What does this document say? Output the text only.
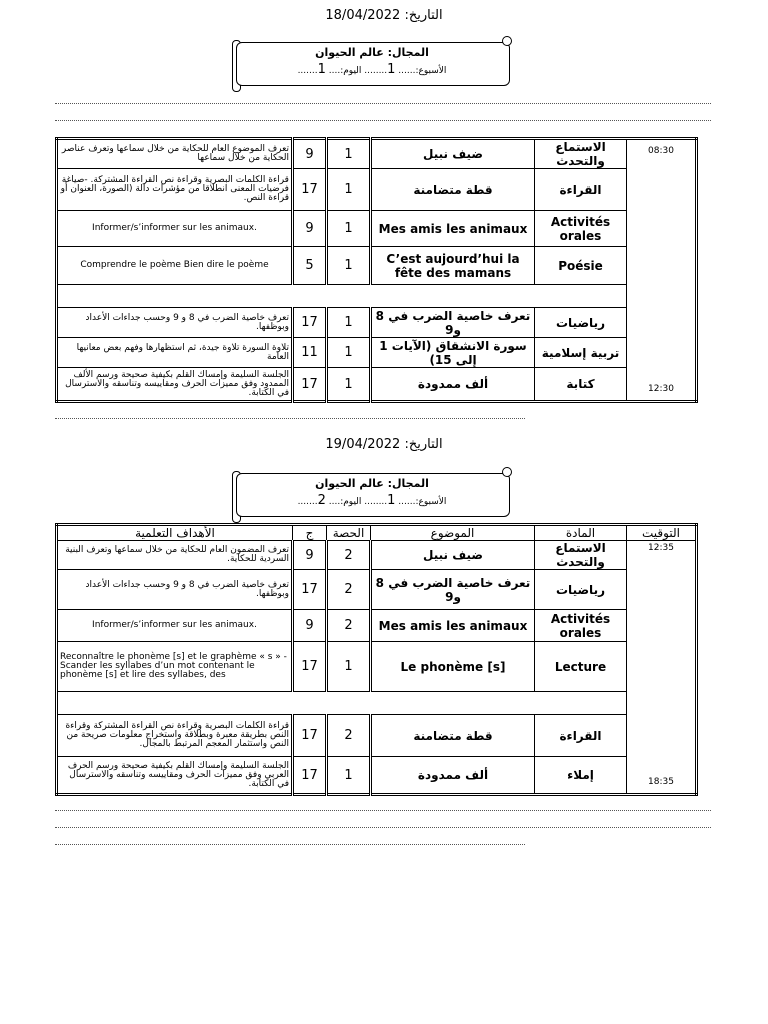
التاريخ: 18/04/2022
المجال: عالم الحيوان
الأسبوع:...... 1........ اليوم:.... 1.......
تعرف الموضوع العام للحكاية من خلال سماعها وتعرف عناصر الحكاية من خلال سماعها	9	1	ضيف نبيل	الاستماع والتحدث	08:30
12:30

قراءة الكلمات البصرية وقراءة نص القراءة المشتركة. -صياغة فرضيات المعنى انطلاقا من مؤشرات دالة (الصورة، العنوان أو قراءة النص.	17	1	قطة متضامنة	القراءة	
Informer/s’informer sur les animaux.	9	1	Mes amis les animaux	Activités orales	
Comprendre le poème Bien dire le poème	5	1	C’est aujourd’hui la fête des mamans	Poésie	

تعرف خاصية الضرب في 8 و 9 وحسب جداءات الأعداد وبوظفها.	17	1	تعرف خاصية الضرب في 8 و9	رياضيات	
تلاوة السورة تلاوة جيدة، ثم استظهارها وفهم بعض معانيها العامة	11	1	سورة الانشقاق (الآيات 1 إلى 15)	تربية إسلامية	
الجلسة السليمة وإمساك القلم بكيفية صحيحة ورسم الألف الممدود وفق مميزات الحرف ومقاييسه وتناسقه والاسترسال في الكتابة.	17	1	ألف ممدودة	كتابة	
التاريخ: 19/04/2022
المجال: عالم الحيوان
الأسبوع:...... 1........ اليوم:.... 2.......
الأهداف التعلمية	ج	الحصة	الموضوع	المادة	التوقيت
تعرف المضمون العام للحكاية من خلال سماعها وتعرف البنية السردية للحكاية.	9	2	ضيف نبيل	الاستماع والتحدث	12:35
18:35

تعرف خاصية الضرب في 8 و 9 وحسب جداءات الأعداد وبوظفها.	17	2	تعرف خاصية الضرب في 8 و9	رياضيات	
Informer/s’informer sur les animaux.	9	2	Mes amis les animaux	Activités orales	
Reconnaître le phonème [s] et le graphème « s » - Scander les syllabes d’un mot contenant le phonème [s] et lire des syllabes, des	17	1	Le phonème [s]	Lecture	

قراءة الكلمات البصرية وقراءة نص القراءة المشتركة وقراءة النص بطريقة معبرة وبطلاقة واستخراج معلومات صريحة من النص واستثمار المعجم المرتبط بالمجال.	17	2	قطة متضامنة	القراءة	
الجلسة السليمة وإمساك القلم بكيفية صحيحة ورسم الحرف العربي وفق مميزات الحرف ومقاييسه وتناسقه والاسترسال في الكتابة.	17	1	ألف ممدودة	إملاء	
